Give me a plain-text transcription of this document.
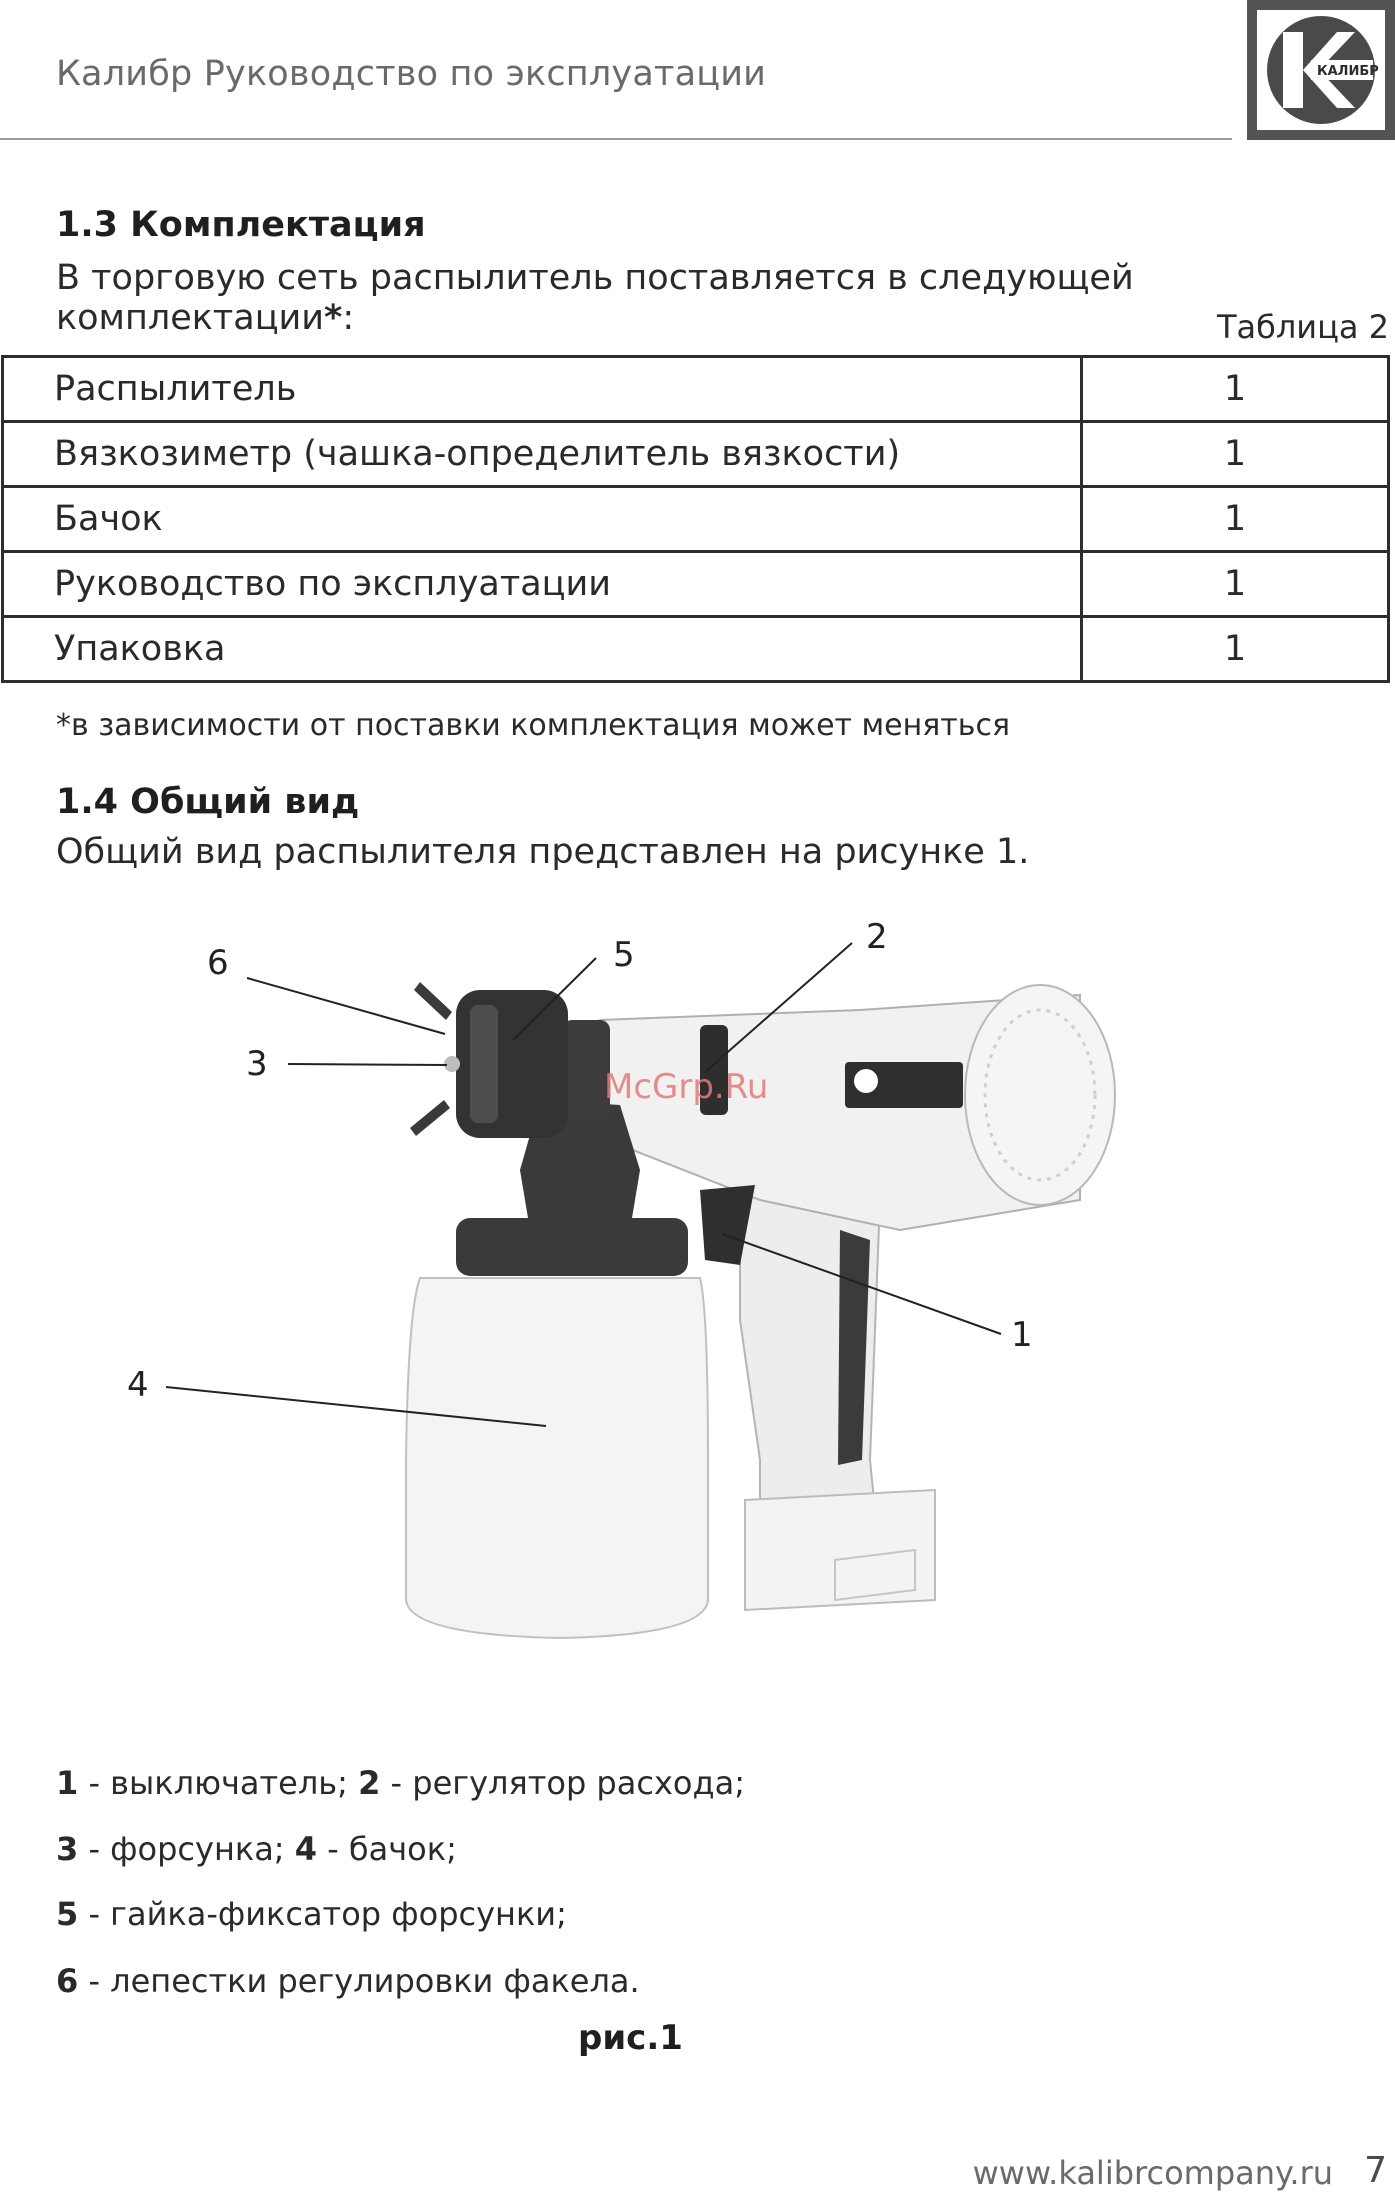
Калибр Руководство по эксплуатации	КАЛИБР
1.3 Комплектация
В торговую сеть распылитель поставляется в следующей комплектации*:	Таблица 2
Распылитель	1
Вязкозиметр (чашка-определитель вязкости)	1
Бачок	1
Руководство по эксплуатации	1
Упаковка	1
*в зависимости от поставки комплектация может меняться
1.4 Общий вид
Общий вид распылителя представлен на рисунке 1.
McGrp.Ru
1
2
3
4
5
6
1 - выключатель; 2 - регулятор расхода;
3 - форсунка; 4 - бачок;
5 - гайка-фиксатор форсунки;
6 - лепестки регулировки факела.
рис.1
www.kalibrcompany.ru 7
